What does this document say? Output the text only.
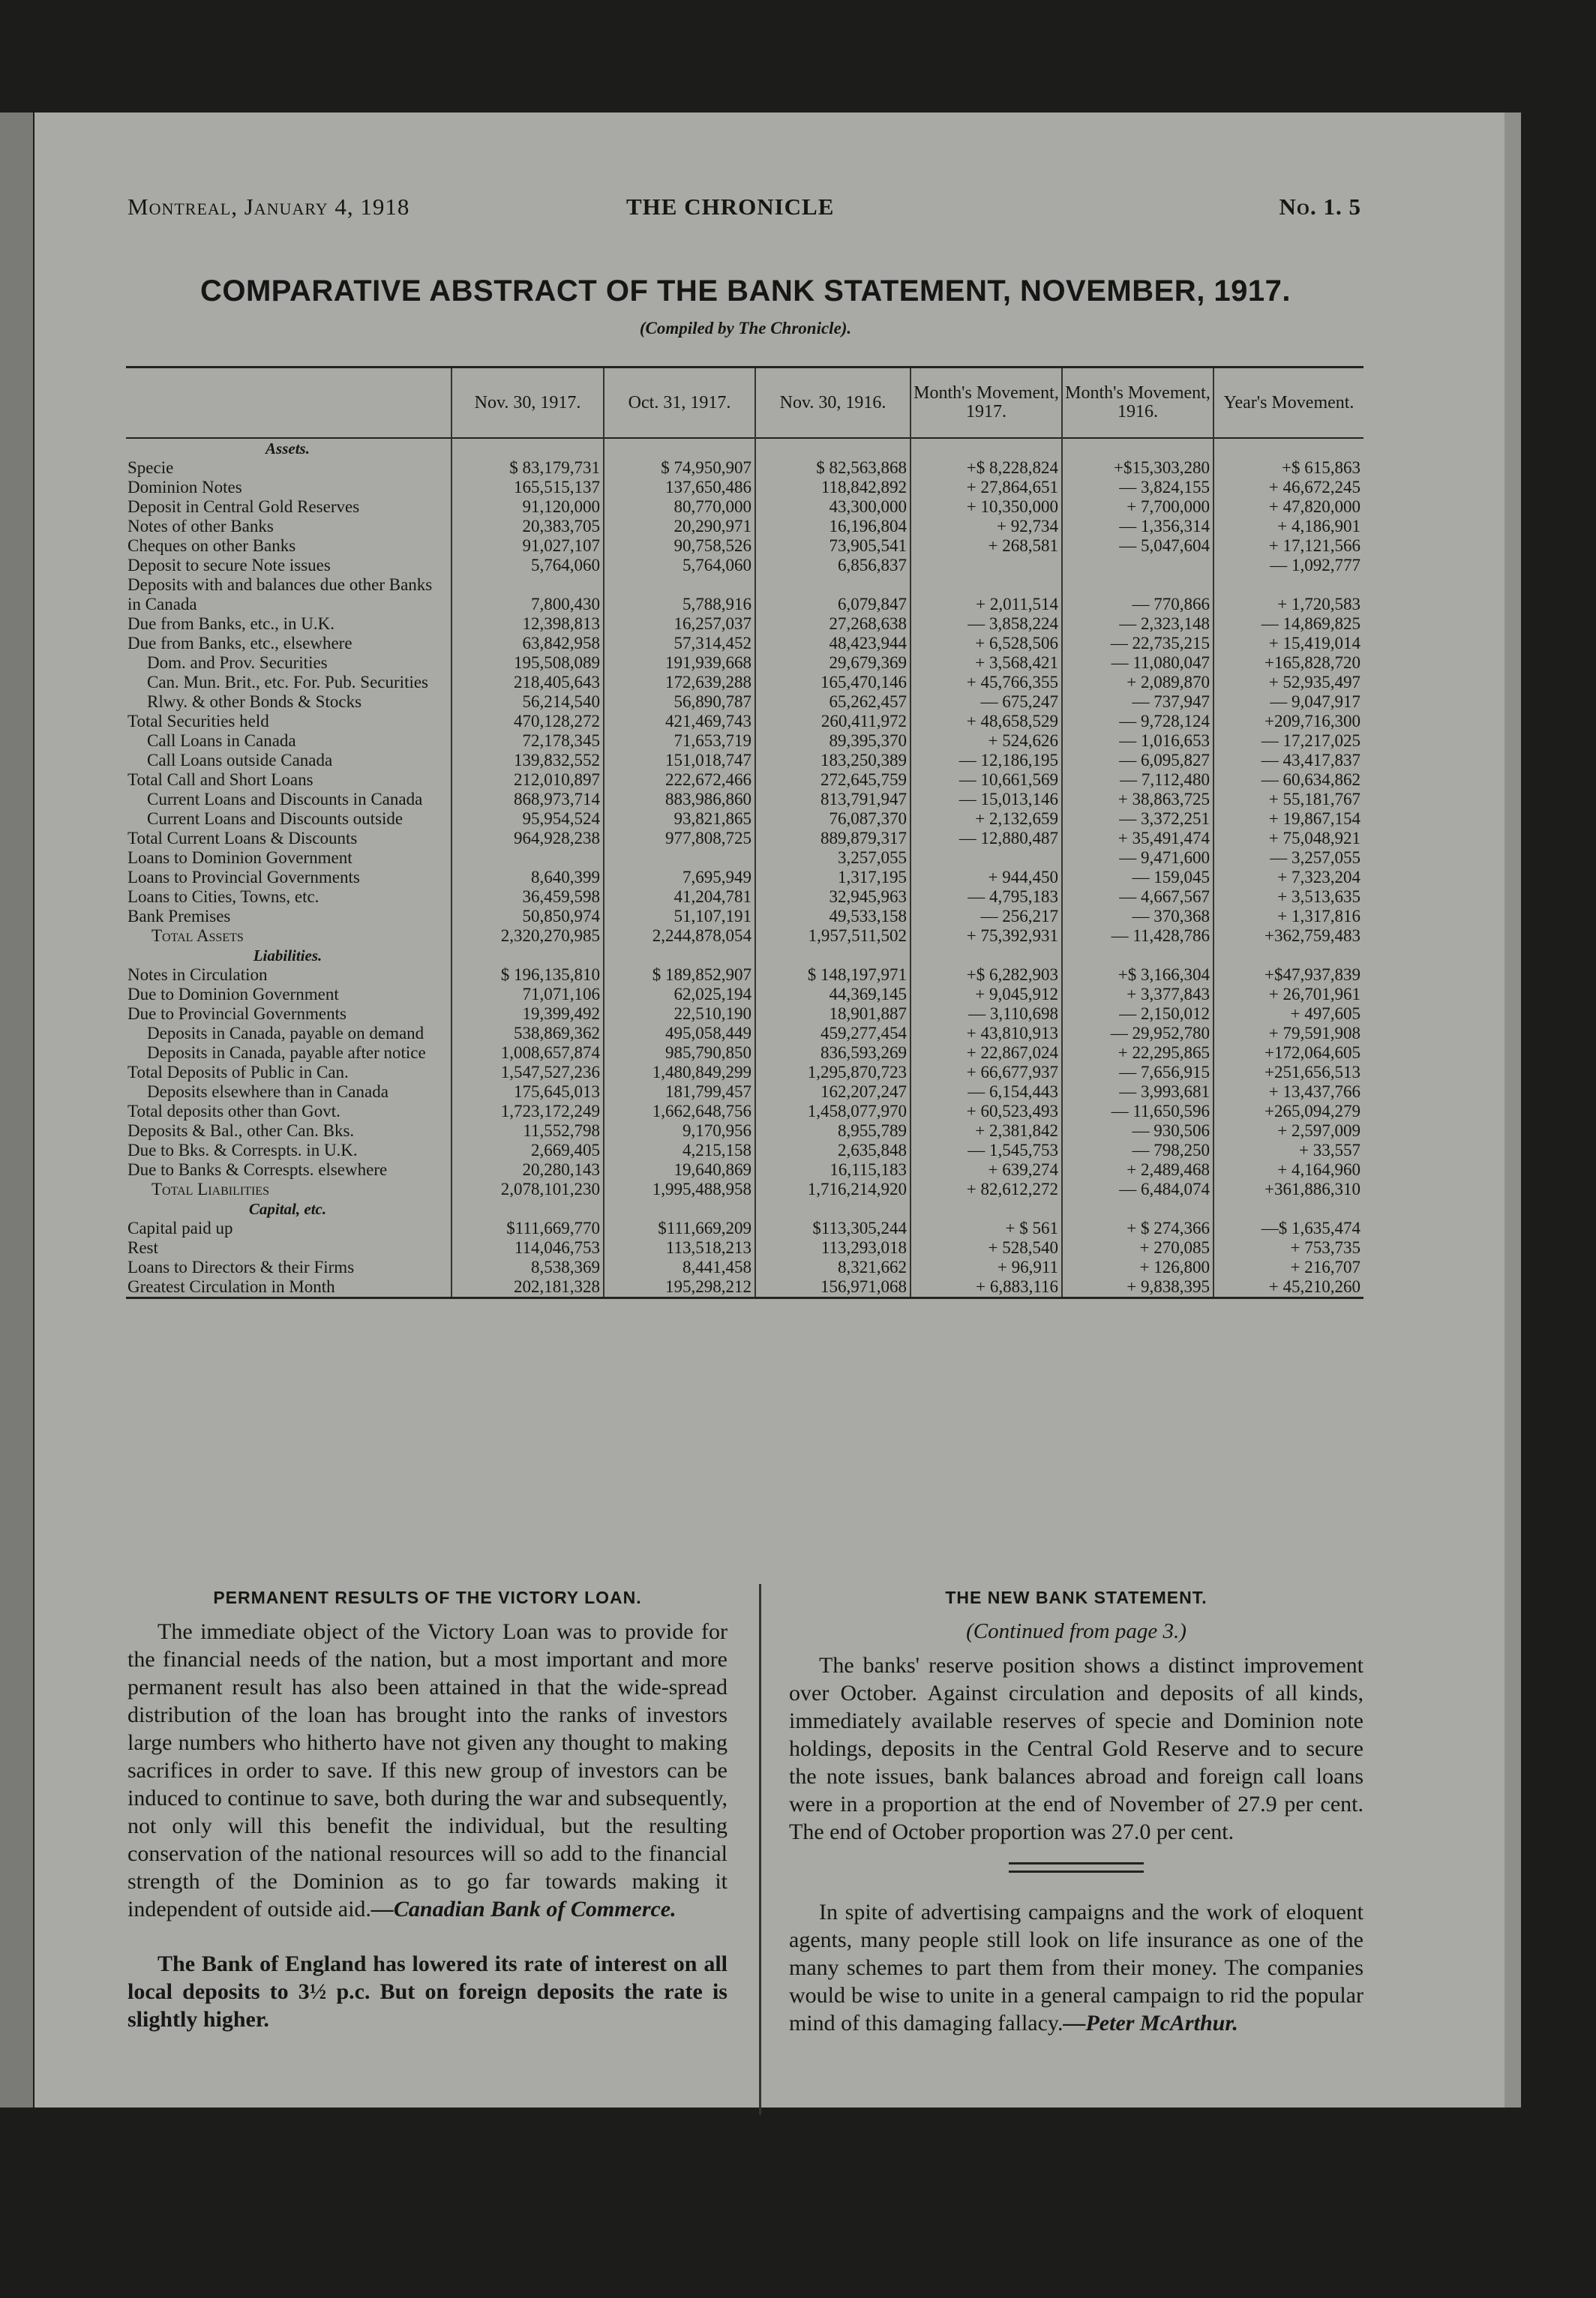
Montreal, January 4, 1918	THE CHRONICLE	No. 1. 5
COMPARATIVE ABSTRACT OF THE BANK STATEMENT, NOVEMBER, 1917.
(Compiled by The Chronicle).
	Nov. 30, 1917.	Oct. 31, 1917.	Nov. 30, 1916.	Month's Movement, 1917.	Month's Movement, 1916.	Year's Movement.
Assets.						
Specie	$ 83,179,731	$ 74,950,907	$ 82,563,868	+$ 8,228,824	+$15,303,280	+$ 615,863
Dominion Notes	165,515,137	137,650,486	118,842,892	+ 27,864,651	— 3,824,155	+ 46,672,245
Deposit in Central Gold Reserves	91,120,000	80,770,000	43,300,000	+ 10,350,000	+ 7,700,000	+ 47,820,000
Notes of other Banks	20,383,705	20,290,971	16,196,804	+ 92,734	— 1,356,314	+ 4,186,901
Cheques on other Banks	91,027,107	90,758,526	73,905,541	+ 268,581	— 5,047,604	+ 17,121,566
Deposit to secure Note issues	5,764,060	5,764,060	6,856,837			— 1,092,777
Deposits with and balances due other Banks in Canada	7,800,430	5,788,916	6,079,847	+ 2,011,514	— 770,866	+ 1,720,583
Due from Banks, etc., in U.K.	12,398,813	16,257,037	27,268,638	— 3,858,224	— 2,323,148	— 14,869,825
Due from Banks, etc., elsewhere	63,842,958	57,314,452	48,423,944	+ 6,528,506	— 22,735,215	+ 15,419,014
Dom. and Prov. Securities	195,508,089	191,939,668	29,679,369	+ 3,568,421	— 11,080,047	+165,828,720
Can. Mun. Brit., etc. For. Pub. Securities	218,405,643	172,639,288	165,470,146	+ 45,766,355	+ 2,089,870	+ 52,935,497
Rlwy. & other Bonds & Stocks	56,214,540	56,890,787	65,262,457	— 675,247	— 737,947	— 9,047,917
Total Securities held	470,128,272	421,469,743	260,411,972	+ 48,658,529	— 9,728,124	+209,716,300
Call Loans in Canada	72,178,345	71,653,719	89,395,370	+ 524,626	— 1,016,653	— 17,217,025
Call Loans outside Canada	139,832,552	151,018,747	183,250,389	— 12,186,195	— 6,095,827	— 43,417,837
Total Call and Short Loans	212,010,897	222,672,466	272,645,759	— 10,661,569	— 7,112,480	— 60,634,862
Current Loans and Discounts in Canada	868,973,714	883,986,860	813,791,947	— 15,013,146	+ 38,863,725	+ 55,181,767
Current Loans and Discounts outside	95,954,524	93,821,865	76,087,370	+ 2,132,659	— 3,372,251	+ 19,867,154
Total Current Loans & Discounts	964,928,238	977,808,725	889,879,317	— 12,880,487	+ 35,491,474	+ 75,048,921
Loans to Dominion Government			3,257,055		— 9,471,600	— 3,257,055
Loans to Provincial Governments	8,640,399	7,695,949	1,317,195	+ 944,450	— 159,045	+ 7,323,204
Loans to Cities, Towns, etc.	36,459,598	41,204,781	32,945,963	— 4,795,183	— 4,667,567	+ 3,513,635
Bank Premises	50,850,974	51,107,191	49,533,158	— 256,217	— 370,368	+ 1,317,816
Total Assets	2,320,270,985	2,244,878,054	1,957,511,502	+ 75,392,931	— 11,428,786	+362,759,483
Liabilities.						
Notes in Circulation	$ 196,135,810	$ 189,852,907	$ 148,197,971	+$ 6,282,903	+$ 3,166,304	+$47,937,839
Due to Dominion Government	71,071,106	62,025,194	44,369,145	+ 9,045,912	+ 3,377,843	+ 26,701,961
Due to Provincial Governments	19,399,492	22,510,190	18,901,887	— 3,110,698	— 2,150,012	+ 497,605
Deposits in Canada, payable on demand	538,869,362	495,058,449	459,277,454	+ 43,810,913	— 29,952,780	+ 79,591,908
Deposits in Canada, payable after notice	1,008,657,874	985,790,850	836,593,269	+ 22,867,024	+ 22,295,865	+172,064,605
Total Deposits of Public in Can.	1,547,527,236	1,480,849,299	1,295,870,723	+ 66,677,937	— 7,656,915	+251,656,513
Deposits elsewhere than in Canada	175,645,013	181,799,457	162,207,247	— 6,154,443	— 3,993,681	+ 13,437,766
Total deposits other than Govt.	1,723,172,249	1,662,648,756	1,458,077,970	+ 60,523,493	— 11,650,596	+265,094,279
Deposits & Bal., other Can. Bks.	11,552,798	9,170,956	8,955,789	+ 2,381,842	— 930,506	+ 2,597,009
Due to Bks. & Correspts. in U.K.	2,669,405	4,215,158	2,635,848	— 1,545,753	— 798,250	+ 33,557
Due to Banks & Correspts. elsewhere	20,280,143	19,640,869	16,115,183	+ 639,274	+ 2,489,468	+ 4,164,960
Total Liabilities	2,078,101,230	1,995,488,958	1,716,214,920	+ 82,612,272	— 6,484,074	+361,886,310
Capital, etc.						
Capital paid up	$111,669,770	$111,669,209	$113,305,244	+ $ 561	+ $ 274,366	—$ 1,635,474
Rest	114,046,753	113,518,213	113,293,018	+ 528,540	+ 270,085	+ 753,735
Loans to Directors & their Firms	8,538,369	8,441,458	8,321,662	+ 96,911	+ 126,800	+ 216,707
Greatest Circulation in Month	202,181,328	195,298,212	156,971,068	+ 6,883,116	+ 9,838,395	+ 45,210,260
PERMANENT RESULTS OF THE VICTORY LOAN.

The immediate object of the Victory Loan was to provide for the financial needs of the nation, but a most important and more permanent result has also been attained in that the wide-spread distribution of the loan has brought into the ranks of investors large numbers who hitherto have not given any thought to making sacrifices in order to save. If this new group of investors can be induced to continue to save, both during the war and subsequently, not only will this benefit the individual, but the resulting conservation of the national resources will so add to the financial strength of the Dominion as to go far towards making it independent of outside aid.—Canadian Bank of Commerce.

The Bank of England has lowered its rate of interest on all local deposits to 3½ p.c. But on foreign deposits the rate is slightly higher.

THE NEW BANK STATEMENT.
(Continued from page 3.)

The banks' reserve position shows a distinct improvement over October. Against circulation and deposits of all kinds, immediately available reserves of specie and Dominion note holdings, deposits in the Central Gold Reserve and to secure the note issues, bank balances abroad and foreign call loans were in a proportion at the end of November of 27.9 per cent. The end of October proportion was 27.0 per cent.

In spite of advertising campaigns and the work of eloquent agents, many people still look on life insurance as one of the many schemes to part them from their money. The companies would be wise to unite in a general campaign to rid the popular mind of this damaging fallacy.—Peter McArthur.
